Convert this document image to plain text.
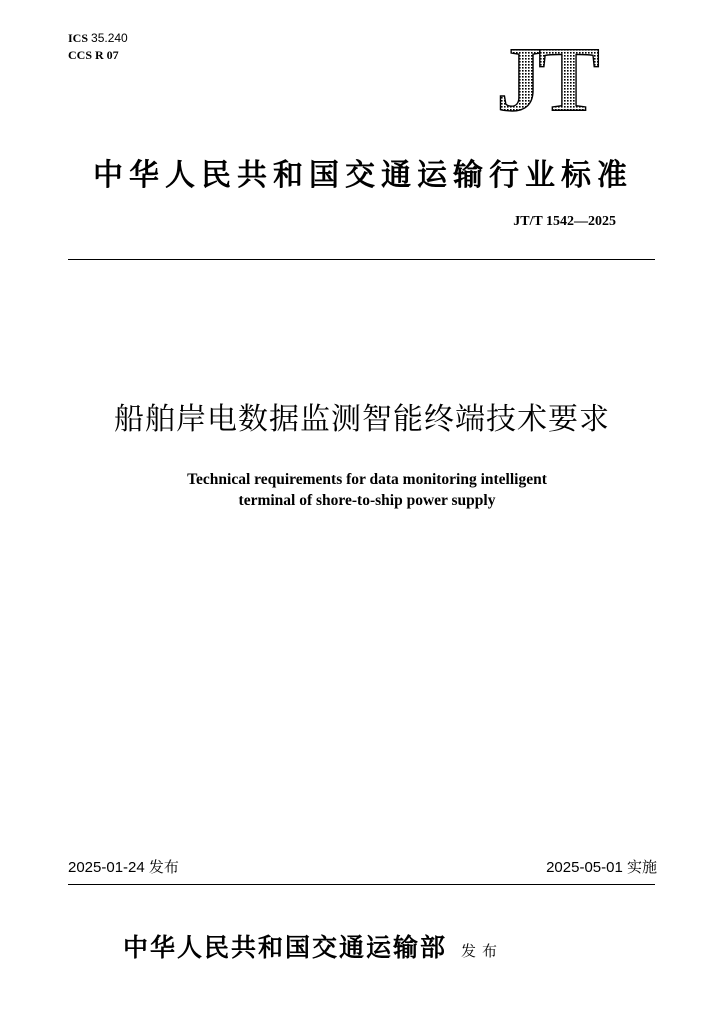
ICS 35.240
CCS R 07	JT
中华人民共和国交通运输行业标准
JT/T 1542—2025
船舶岸电数据监测智能终端技术要求
Technical requirements for data monitoring intelligent
terminal of shore-to-ship power supply
2025-01-24 发布	2025-05-01 实施
中华人民共和国交通运输部 发布
